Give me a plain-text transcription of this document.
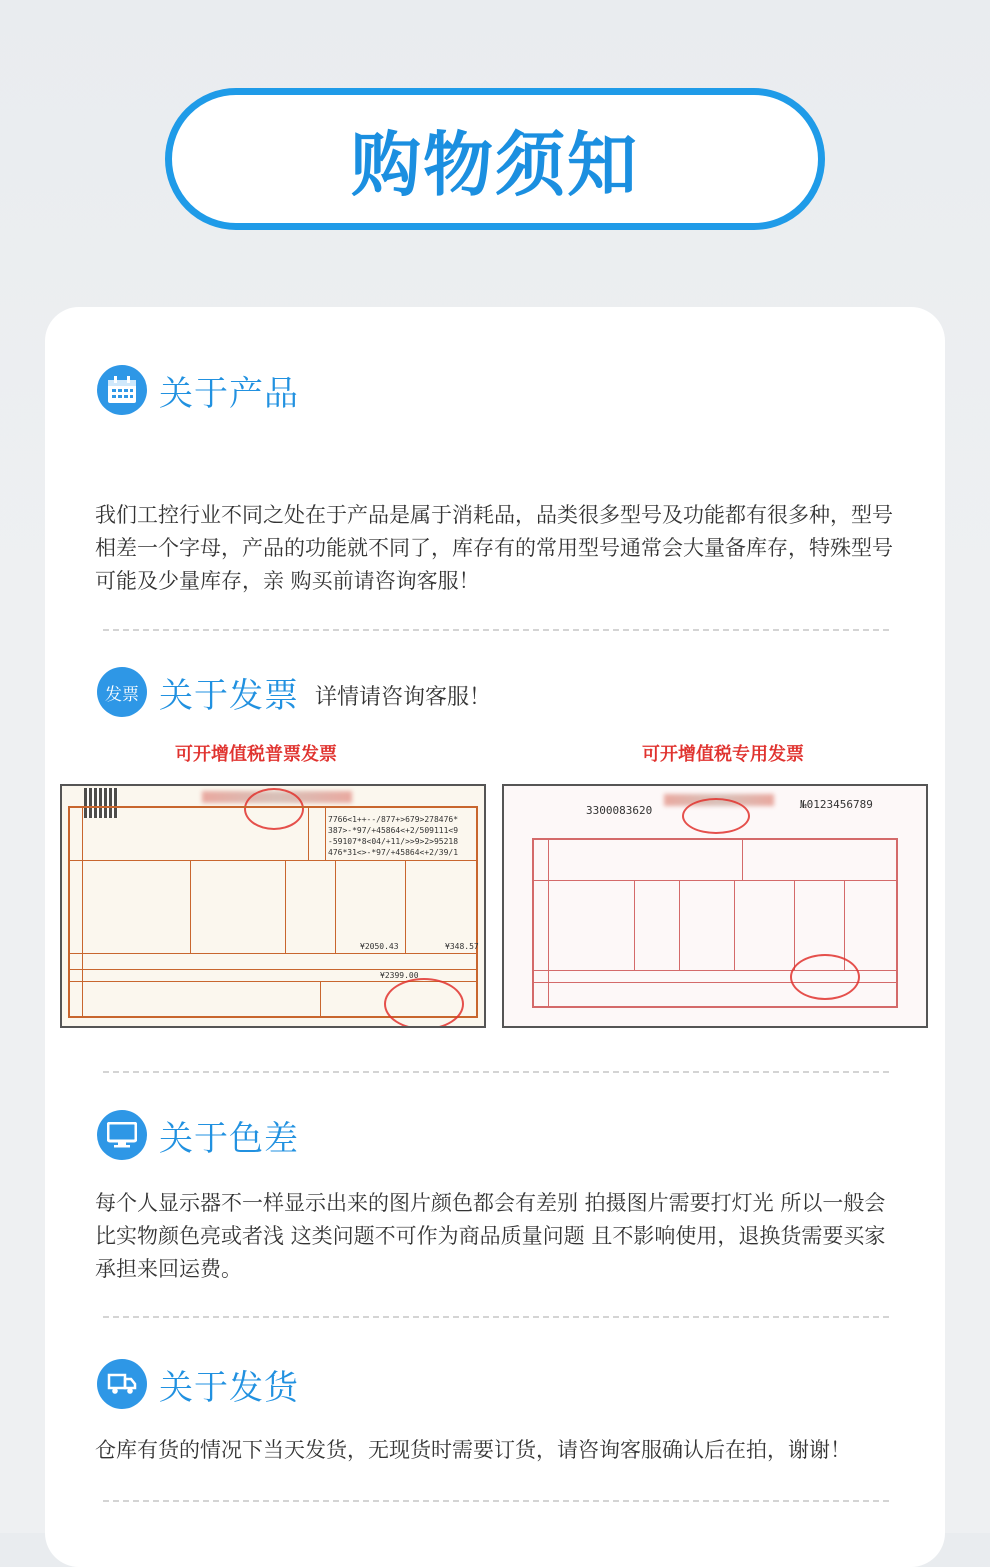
购物须知
关于产品

我们工控行业不同之处在于产品是属于消耗品，品类很多型号及功能都有很多种，型号相差一个字母，产品的功能就不同了，库存有的常用型号通常会大量备库存，特殊型号可能及少量库存，亲 购买前请咨询客服！

发票 关于发票 详情请咨询客服！
可开增值税普票发票	可开增值税专用发票
7766<1++--/877+>679>278476*
387>-*97/+45864<+2/509111<9
-59107*8<04/+11/>>9>2>95218
476*31<>-*97/+45864<+2/39/1
¥2050.43	¥348.57
¥2399.00
3300083620	№0123456789
关于色差

每个人显示器不一样显示出来的图片颜色都会有差别 拍摄图片需要打灯光 所以一般会比实物颜色亮或者浅 这类问题不可作为商品质量问题 且不影响使用，退换货需要买家承担来回运费。

关于发货

仓库有货的情况下当天发货，无现货时需要订货，请咨询客服确认后在拍，谢谢！
